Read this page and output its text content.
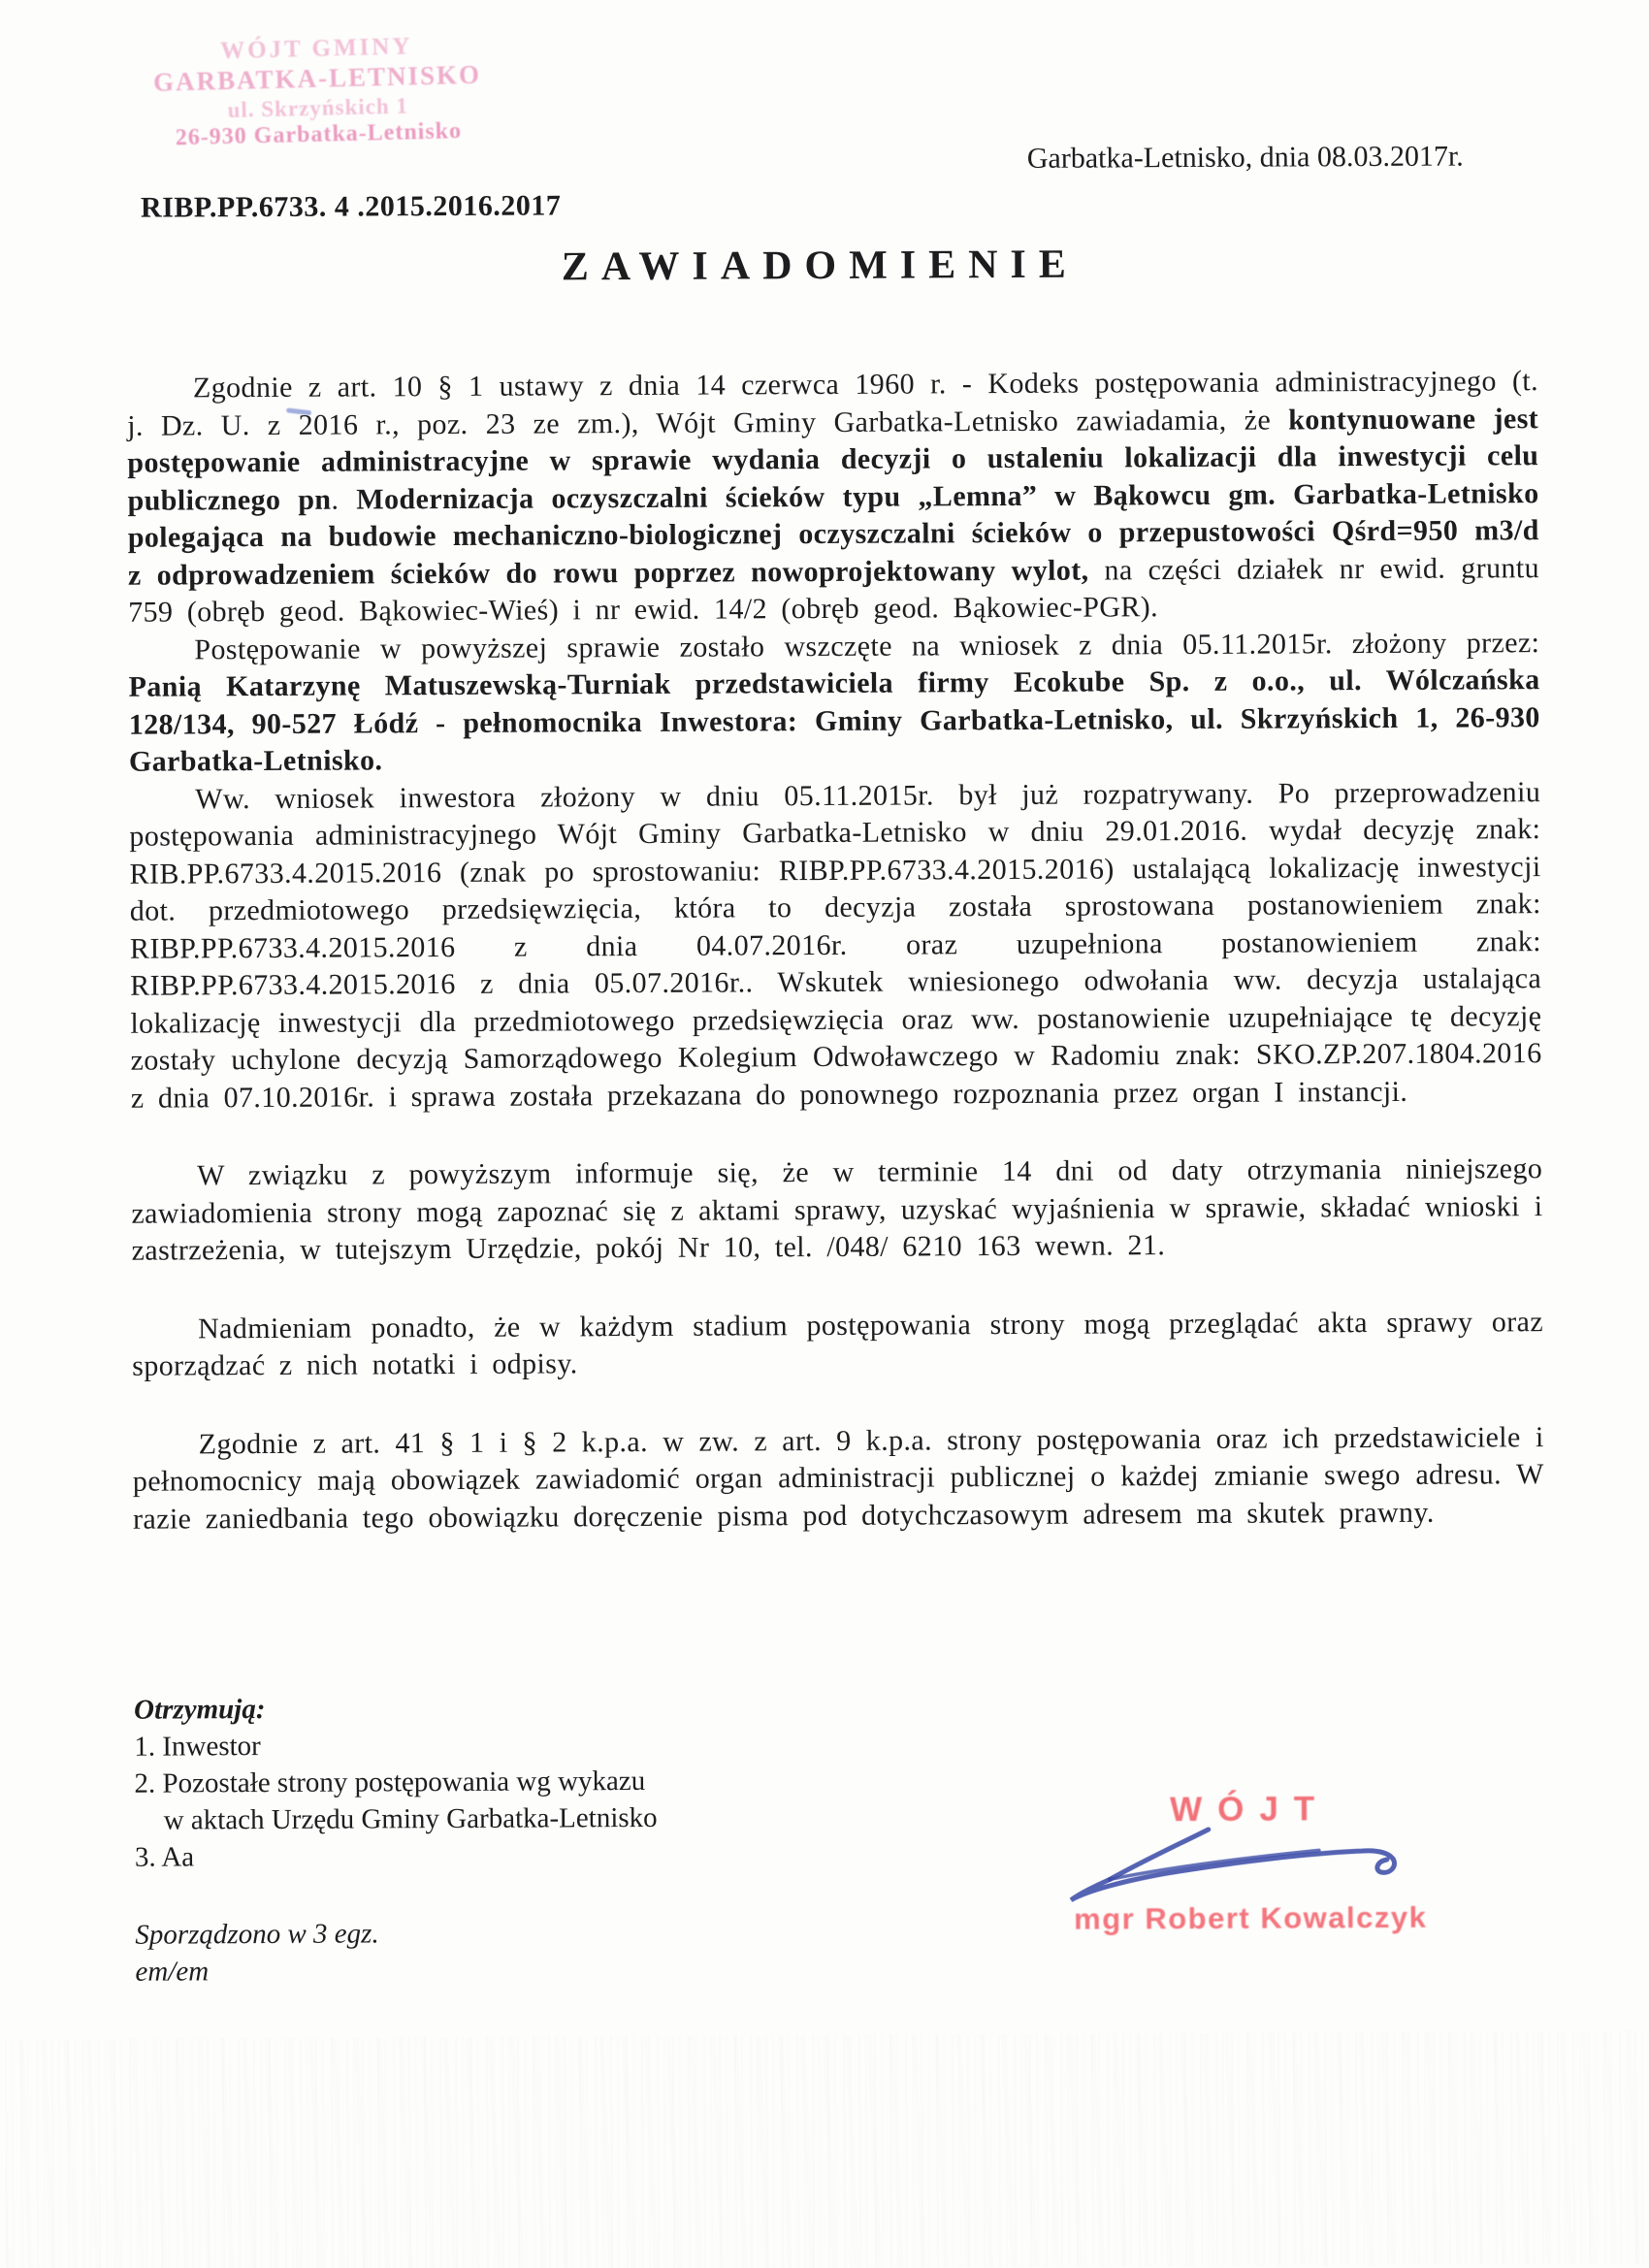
WÓJT GMINY
GARBATKA-LETNISKO
ul. Skrzyńskich 1
26-930 Garbatka-Letnisko
Garbatka-Letnisko, dnia 08.03.2017r.
RIBP.PP.6733. 4 .2015.2016.2017
ZAWIADOMIENIE

Zgodnie z art. 10 § 1 ustawy z dnia 14 czerwca 1960 r. - Kodeks postępowania administracyjnego (t. j. Dz. U. z 2016 r., poz. 23 ze zm.), Wójt Gminy Garbatka-Letnisko zawiadamia, że kontynuowane jest postępowanie administracyjne w sprawie wydania decyzji o ustaleniu lokalizacji dla inwestycji celu publicznego pn. Modernizacja oczyszczalni ścieków typu „Lemna” w Bąkowcu gm. Garbatka-Letnisko polegająca na budowie mechaniczno-biologicznej oczyszczalni ścieków o przepustowości Qśrd=950 m3/d z odprowadzeniem ścieków do rowu poprzez nowoprojektowany wylot, na części działek nr ewid. gruntu 759 (obręb geod. Bąkowiec-Wieś) i nr ewid. 14/2 (obręb geod. Bąkowiec-PGR).

Postępowanie w powyższej sprawie zostało wszczęte na wniosek z dnia 05.11.2015r. złożony przez: Panią Katarzynę Matuszewską-Turniak przedstawiciela firmy Ecokube Sp. z o.o., ul. Wólczańska 128/134, 90-527 Łódź - pełnomocnika Inwestora: Gminy Garbatka-Letnisko, ul. Skrzyńskich 1, 26-930 Garbatka-Letnisko.

Ww. wniosek inwestora złożony w dniu 05.11.2015r. był już rozpatrywany. Po przeprowadzeniu postępowania administracyjnego Wójt Gminy Garbatka-Letnisko w dniu 29.01.2016. wydał decyzję znak: RIB.PP.6733.4.2015.2016 (znak po sprostowaniu: RIBP.PP.6733.4.2015.2016) ustalającą lokalizację inwestycji dot. przedmiotowego przedsięwzięcia, która to decyzja została sprostowana postanowieniem znak: RIBP.PP.6733.4.2015.2016 z dnia 04.07.2016r. oraz uzupełniona postanowieniem znak: RIBP.PP.6733.4.2015.2016 z dnia 05.07.2016r.. Wskutek wniesionego odwołania ww. decyzja ustalająca lokalizację inwestycji dla przedmiotowego przedsięwzięcia oraz ww. postanowienie uzupełniające tę decyzję zostały uchylone decyzją Samorządowego Kolegium Odwoławczego w Radomiu znak: SKO.ZP.207.1804.2016 z dnia 07.10.2016r. i sprawa została przekazana do ponownego rozpoznania przez organ I instancji.

W związku z powyższym informuje się, że w terminie 14 dni od daty otrzymania niniejszego zawiadomienia strony mogą zapoznać się z aktami sprawy, uzyskać wyjaśnienia w sprawie, składać wnioski i zastrzeżenia, w tutejszym Urzędzie, pokój Nr 10, tel. /048/ 6210 163 wewn. 21.

Nadmieniam ponadto, że w każdym stadium postępowania strony mogą przeglądać akta sprawy oraz sporządzać z nich notatki i odpisy.

Zgodnie z art. 41 § 1 i § 2 k.p.a. w zw. z art. 9 k.p.a. strony postępowania oraz ich przedstawiciele i pełnomocnicy mają obowiązek zawiadomić organ administracji publicznej o każdej zmianie swego adresu. W razie zaniedbania tego obowiązku doręczenie pisma pod dotychczasowym adresem ma skutek prawny.

Otrzymują:
1. Inwestor
2. Pozostałe strony postępowania wg wykazu
w aktach Urzędu Gminy Garbatka-Letnisko
3. Aa
Sporządzono w 3 egz.
em/em
WÓJT
mgr Robert Kowalczyk
